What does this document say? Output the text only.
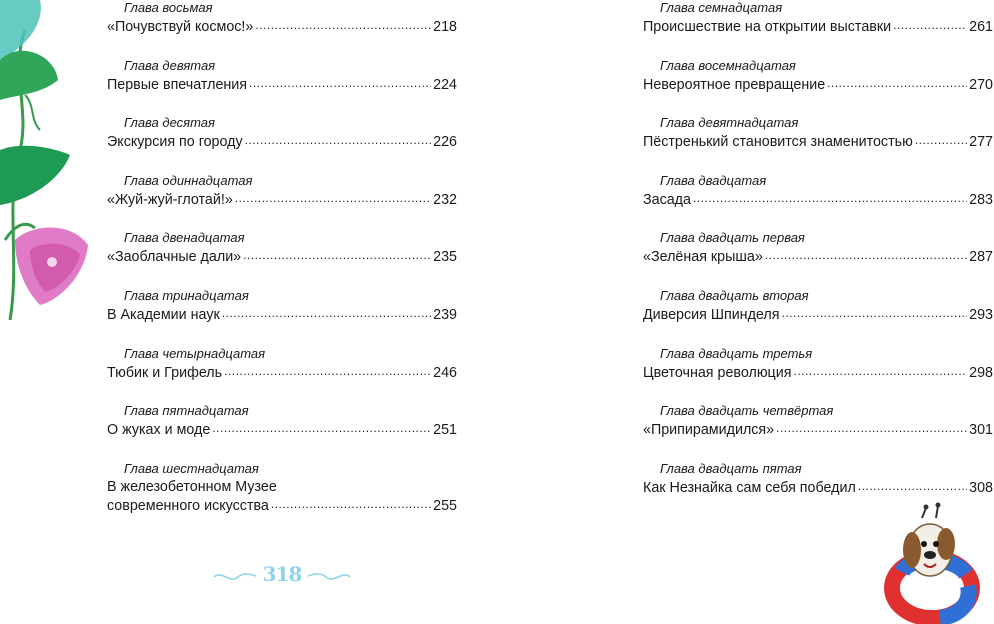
Глава восьмая
«Почувствуй космос!» .....	218
Глава девятая
Первые впечатления .....	224
Глава десятая
Экскурсия по городу .....	226
Глава одиннадцатая
«Жуй-жуй-глотай!» .....	232
Глава двенадцатая
«Заоблачные дали» .....	235
Глава тринадцатая
В Академии наук .....	239
Глава четырнадцатая
Тюбик и Грифель .....	246
Глава пятнадцатая
О жуках и моде .....	251
Глава шестнадцатая
В железобетонном Музее
современного искусства .....	255
Глава семнадцатая
Происшествие на открытии выставки .....	261
Глава восемнадцатая
Невероятное превращение .....	270
Глава девятнадцатая
Пёстренький становится знаменитостью .....	277
Глава двадцатая
Засада .....	283
Глава двадцать первая
«Зелёная крыша» .....	287
Глава двадцать вторая
Диверсия Шпинделя .....	293
Глава двадцать третья
Цветочная революция .....	298
Глава двадцать четвёртая
«Припирамидился» .....	301
Глава двадцать пятая
Как Незнайка сам себя победил .....	308
318
